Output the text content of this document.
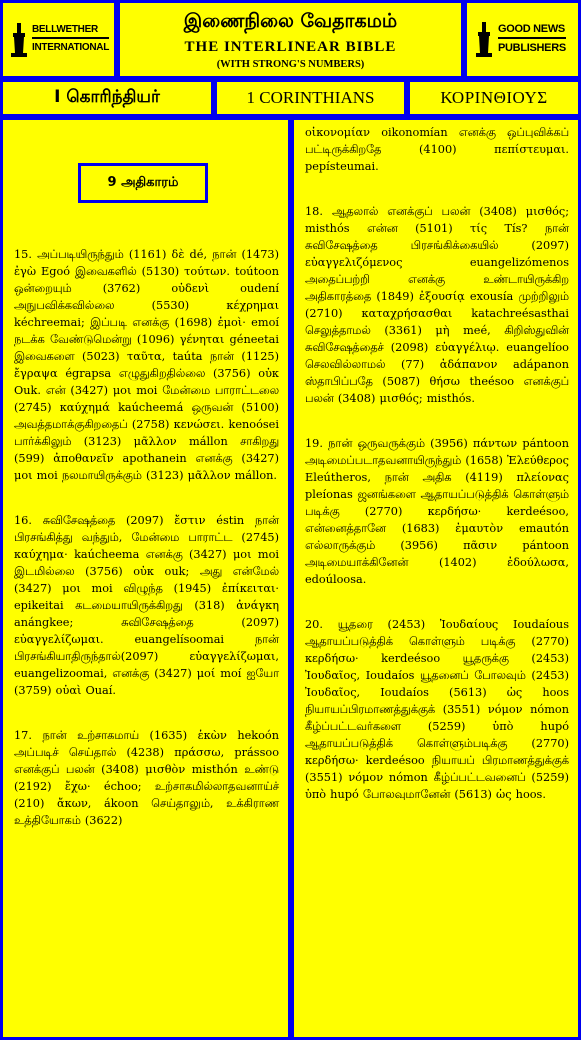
BELLWETHER
INTERNATIONAL
இணைநிலை வேதாகமம்
THE INTERLINEAR BIBLE
(WITH STRONG'S NUMBERS)
GOOD NEWS
PUBLISHERS
I கொரிந்தியர்	1 CORINTHIANS	ΚΟΡΙΝΘΙΟΥΣ
9 அதிகாரம்

15. அப்படியிருந்தும் (1161) δὲ dé, நான் (1473) ἐγὼ Egoó இவைகளில் (5130) τούτων. toútoon ஒன்றையும் (3762) οὐδενὶ oudení அநுபவிக்கவில்லை (5530) κέχρημαι kéchreemai; இப்படி எனக்கு (1698) ἐμοὶ· emoí நடக்க வேண்டுமென்று (1096) γένηται géneetai இவைகளை (5023) ταῦτα, taúta நான் (1125) ἔγραψα égrapsa எழுதுகிறதில்லை (3756) οὐκ Ouk. என் (3427) μοι moi மேன்மை பாராட்டலை (2745) καύχημά kaúcheemá ஒருவன் (5100) அவத்தமாக்குகிறதைப் (2758) κενώσει. kenoósei பார்க்கிலும் (3123) μᾶλλον mállon சாகிறது (599) ἀποθανεῖν apothanein எனக்கு (3427) μοι moi நலமாயிருக்கும் (3123) μᾶλλον mállon.

16. சுவிசேஷத்தை (2097) ἔστιν éstin நான் பிரசங்கித்து வந்தும், மேன்மை பாராட்ட (2745) καύχημα· kaúcheema எனக்கு (3427) μοι moi இடமில்லை (3756) οὐκ ouk; அது என்மேல் (3427) μοι moi விழுந்த (1945) ἐπίκειται· epikeitai கடமையாயிருக்கிறது (318) ἀνάγκη anángkee; சுவிசேஷத்தை (2097) εὐαγγελίζωμαι. euangelísoomai நான் பிரசங்கியாதிருந்தால்(2097) εὐαγγελίζωμαι, euangelizoomai, எனக்கு (3427) μοί moí ஐயோ (3759) οὐαὶ Ouaí.

17. நான் உற்சாகமாய் (1635) ἑκὼν hekoón அப்படிச் செய்தால் (4238) πράσσω, prássoo எனக்குப் பலன் (3408) μισθὸν misthón உண்டு (2192) ἔχω· échoo; உற்சாகமில்லாதவனாய்ச் (210) ἄκων, ákoon செய்தாலும், உக்கிராண உத்தியோகம் (3622)

οἰκονομίαν oikonomían எனக்கு ஒப்புவிக்கப் பட்டிருக்கிறதே (4100) πεπίστευμαι. pepísteumai.

18. ஆதலால் எனக்குப் பலன் (3408) μισθός; misthós என்ன (5101) τίς Tís? நான் சுவிசேஷத்தை பிரசங்கிக்கையில் (2097) εὐαγγελιζόμενος euangelizómenos அதைப்பற்றி எனக்கு உண்டாயிருக்கிற அதிகாரத்தை (1849) ἐξουσίᾳ exousía முற்றிலும் (2710) καταχρήσασθαι katachreésasthai செலுத்தாமல் (3361) μὴ meé, கிறிஸ்துவின் சுவிசேஷத்தைச் (2098) εὐαγγέλιῳ. euangelíoo செலவில்லாமல் (77) ἀδάπανον adápanon ஸ்தாபிப்பதே (5087) θήσω theésoo எனக்குப் பலன் (3408) μισθός; misthós.

19. நான் ஒருவருக்கும் (3956) πάντων pántoon அடிமைப்படாதவனாயிருந்தும் (1658) Ἐλεύθερος Eleútheros, நான் அதிக (4119) πλείονας pleíonas ஜனங்களை ஆதாயப்படுத்திக் கொள்ளும் படிக்கு (2770) κερδήσω· kerdeésoo, என்னைத்தானே (1683) ἐμαυτὸν emautón எல்லாருக்கும் (3956) πᾶσιν pántoon அடிமையாக்கினேன் (1402) ἐδούλωσα, edoúloosa.

20. யூதரை (2453) Ἰουδαίους Ioudaíous ஆதாயப்படுத்திக் கொள்ளும் படிக்கு (2770) κερδήσω· kerdeésoo யூதருக்கு (2453) Ἰουδαῖος, Ioudaíos யூதனைப் போலவும் (2453) Ἰουδαῖος, Ioudaíos (5613) ὡς hoos நியாயப்பிரமாணத்துக்குக் (3551) νόμον nómon கீழ்ப்பட்டவர்களை (5259) ὑπὸ hupó ஆதாயப்படுத்திக் கொள்ளும்படிக்கு (2770) κερδήσω· kerdeésoo நியாயப் பிரமாணத்துக்குக் (3551) νόμον nómon கீழ்ப்பட்டவனைப் (5259) ὑπὸ hupó போலவுமானேன் (5613) ὡς hoos.
